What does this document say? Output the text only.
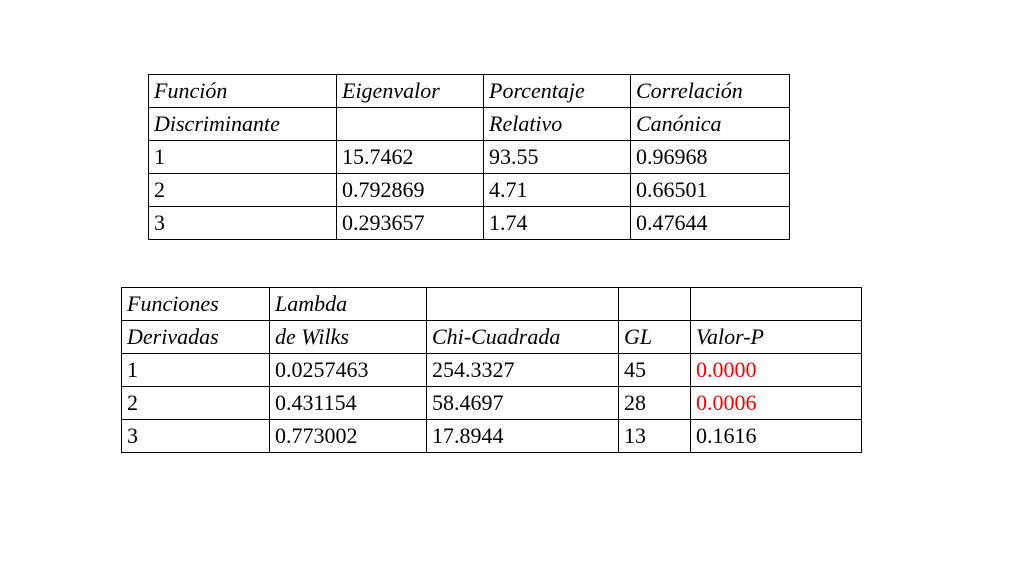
Función	Eigenvalor	Porcentaje	Correlación
Discriminante		Relativo	Canónica
1	15.7462	93.55	0.96968
2	0.792869	4.71	0.66501
3	0.293657	1.74	0.47644
Funciones	Lambda			
Derivadas	de Wilks	Chi-Cuadrada	GL	Valor-P
1	0.0257463	254.3327	45	0.0000
2	0.431154	58.4697	28	0.0006
3	0.773002	17.8944	13	0.1616
